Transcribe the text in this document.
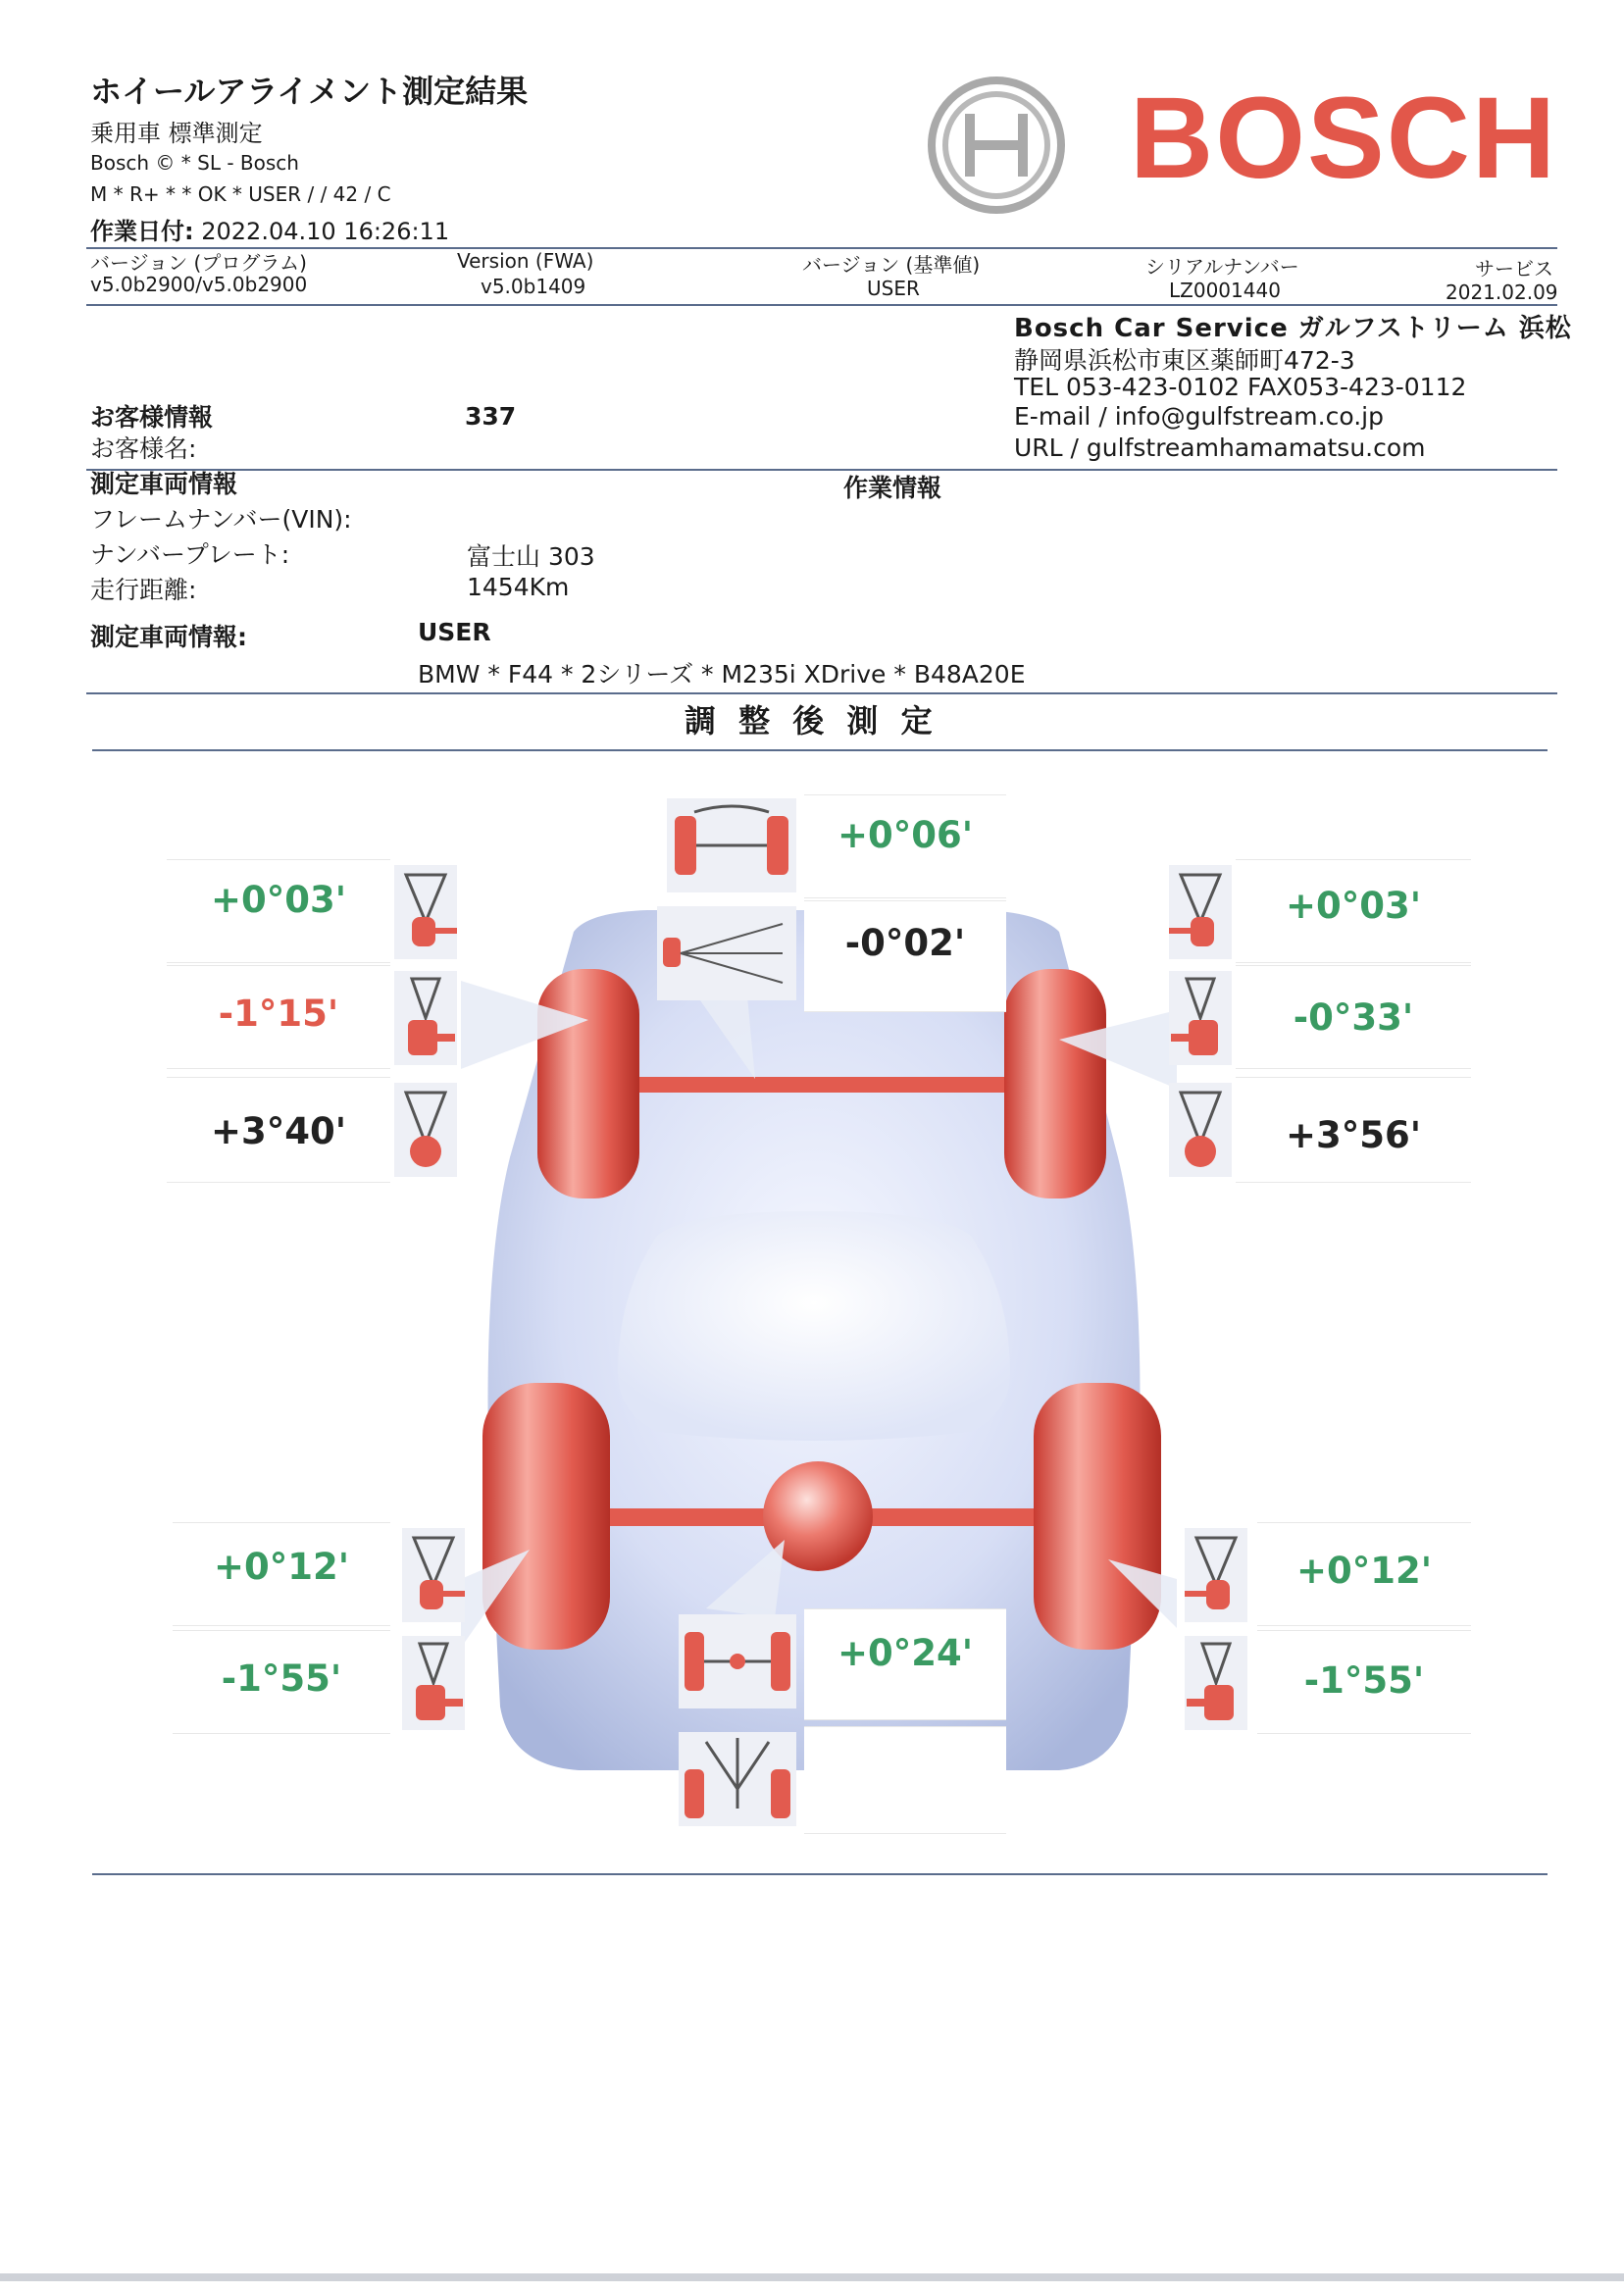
ホイールアライメント測定結果
乗用車 標準測定
Bosch © * SL - Bosch
M * R+ * * OK * USER / / 42 / C
作業日付: 2022.04.10 16:26:11
BOSCH
バージョン (プログラム)
v5.0b2900/v5.0b2900
Version (FWA)
v5.0b1409
バージョン (基準値)
USER
シリアルナンバー
LZ0001440
サービス
2021.02.09
Bosch Car Service ガルフストリーム 浜松
静岡県浜松市東区薬師町472-3
TEL 053-423-0102 FAX053-423-0112
E-mail / info@gulfstream.co.jp
URL / gulfstreamhamamatsu.com
お客様情報	337
お客様名:
測定車両情報	作業情報
フレームナンバー(VIN):
ナンバープレート:	富士山 303
走行距離:	1454Km
測定車両情報:	USER
BMW * F44 * 2シリーズ * M235i XDrive * B48A20E
調 整 後 測 定
+0°06'
-0°02'
+0°03'
-1°15'
+3°40'
+0°03'
-0°33'
+3°56'
+0°12'
-1°55'
+0°12'
-1°55'
+0°24'
